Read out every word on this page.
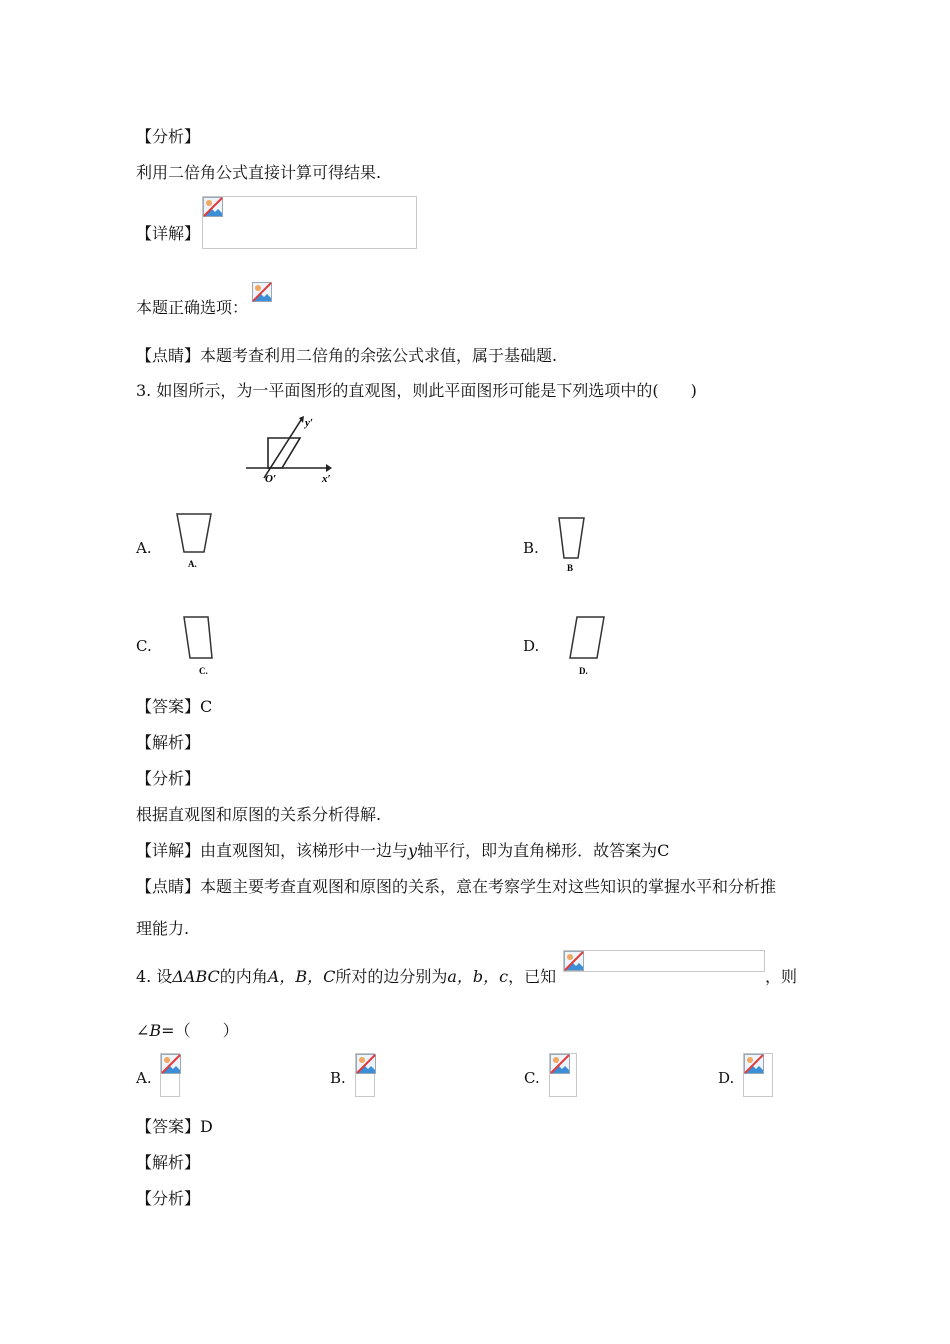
【分析】
利用二倍角公式直接计算可得结果.
【详解】
本题正确选项：
【点睛】本题考查利用二倍角的余弦公式求值，属于基础题.
3. 如图所示，为一平面图形的直观图，则此平面图形可能是下列选项中的(　　)
y′
x′
O′
A.
A.
B.
B
C.
C.
D.
D.
【答案】C
【解析】
【分析】
根据直观图和原图的关系分析得解.
【详解】由直观图知，该梯形中一边与y轴平行，即为直角梯形．故答案为C
【点睛】本题主要考查直观图和原图的关系，意在考察学生对这些知识的掌握水平和分析推
理能力.
4. 设ΔABC的内角A，B，C所对的边分别为a，b，c，已知	，则
∠B=（　　）
A.	B.	C.	D.
【答案】D
【解析】
【分析】
